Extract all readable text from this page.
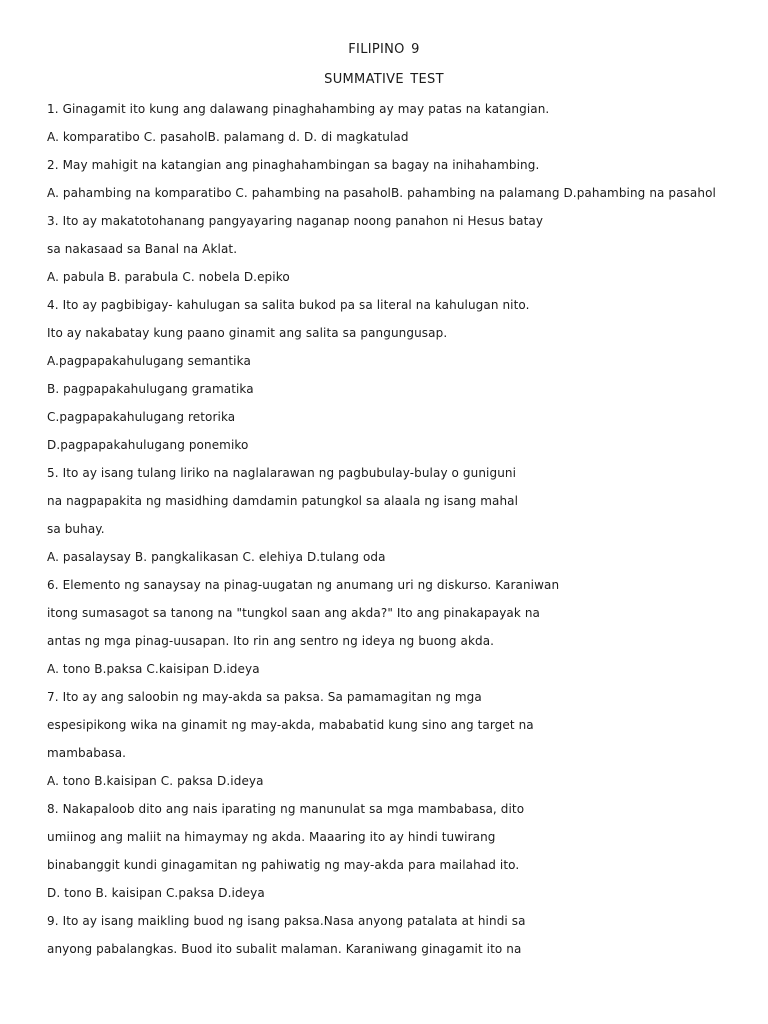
FILIPINO 9
SUMMATIVE TEST
1. Ginagamit ito kung ang dalawang pinaghahambing ay may patas na katangian.
A. komparatibo C. pasaholB. palamang d. D. di magkatulad
2. May mahigit na katangian ang pinaghahambingan sa bagay na inihahambing.
A. pahambing na komparatibo C. pahambing na pasaholB. pahambing na palamang D.pahambing na pasahol
3. Ito ay makatotohanang pangyayaring naganap noong panahon ni Hesus batay
sa nakasaad sa Banal na Aklat.
A. pabula B. parabula C. nobela D.epiko
4. Ito ay pagbibigay- kahulugan sa salita bukod pa sa literal na kahulugan nito.
Ito ay nakabatay kung paano ginamit ang salita sa pangungusap.
A.pagpapakahulugang semantika
B. pagpapakahulugang gramatika
C.pagpapakahulugang retorika
D.pagpapakahulugang ponemiko
5. Ito ay isang tulang liriko na naglalarawan ng pagbubulay-bulay o guniguni
na nagpapakita ng masidhing damdamin patungkol sa alaala ng isang mahal
sa buhay.
A. pasalaysay B. pangkalikasan C. elehiya D.tulang oda
6. Elemento ng sanaysay na pinag-uugatan ng anumang uri ng diskurso. Karaniwan
itong sumasagot sa tanong na "tungkol saan ang akda?" Ito ang pinakapayak na
antas ng mga pinag-uusapan. Ito rin ang sentro ng ideya ng buong akda.
A. tono B.paksa C.kaisipan D.ideya
7. Ito ay ang saloobin ng may-akda sa paksa. Sa pamamagitan ng mga
espesipikong wika na ginamit ng may-akda, mababatid kung sino ang target na
mambabasa.
A. tono B.kaisipan C. paksa D.ideya
8. Nakapaloob dito ang nais iparating ng manunulat sa mga mambabasa, dito
umiinog ang maliit na himaymay ng akda. Maaaring ito ay hindi tuwirang
binabanggit kundi ginagamitan ng pahiwatig ng may-akda para mailahad ito.
D. tono B. kaisipan C.paksa D.ideya
9. Ito ay isang maikling buod ng isang paksa.Nasa anyong patalata at hindi sa
anyong pabalangkas. Buod ito subalit malaman. Karaniwang ginagamit ito na
